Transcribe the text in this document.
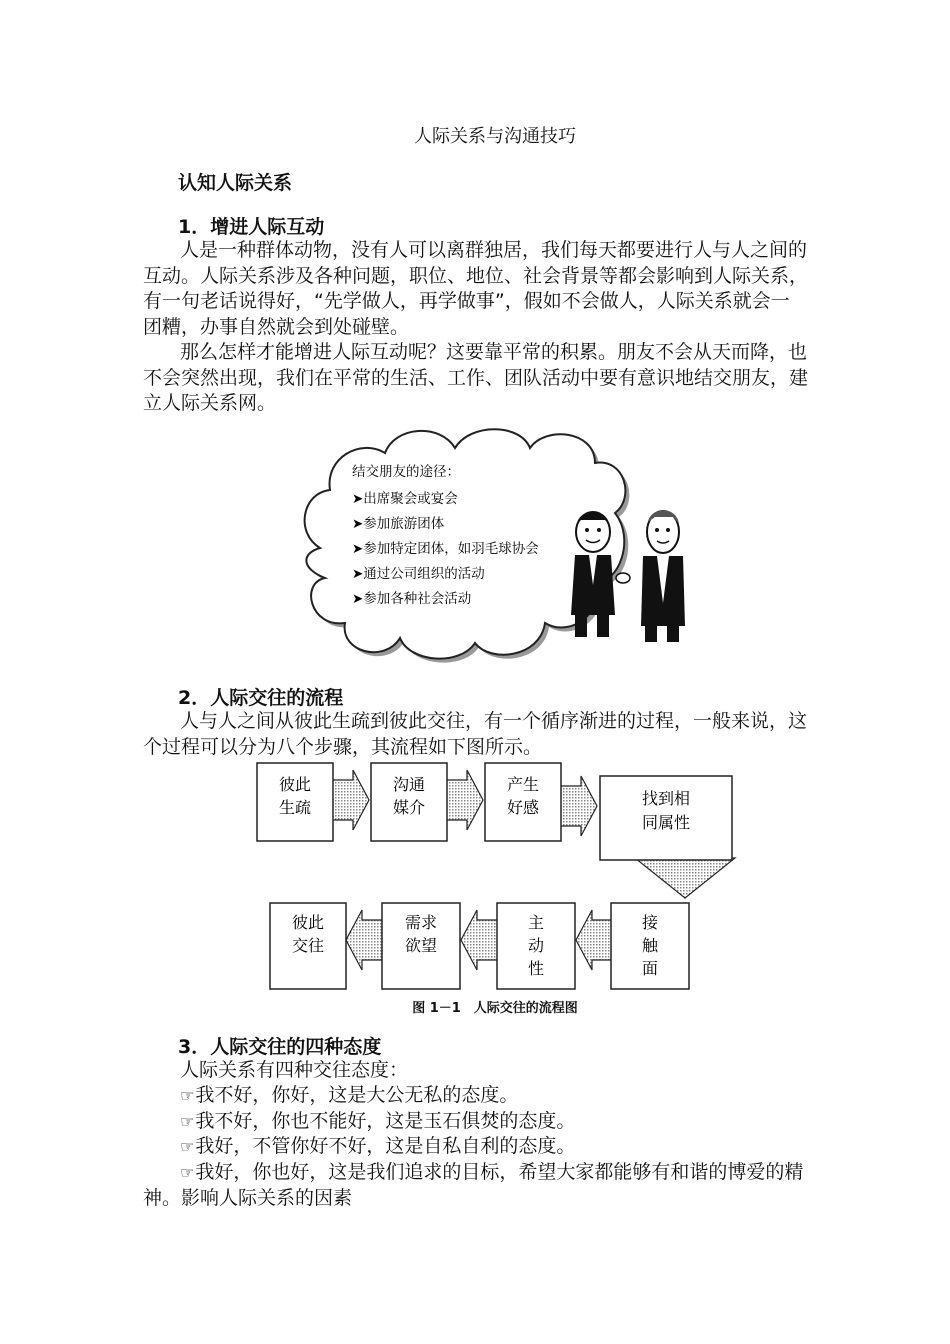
人际关系与沟通技巧
认知人际关系
1．增进人际互动
人是一种群体动物，没有人可以离群独居，我们每天都要进行人与人之间的互动。人际关系涉及各种问题，职位、地位、社会背景等都会影响到人际关系，有一句老话说得好，“先学做人，再学做事”，假如不会做人，人际关系就会一团糟，办事自然就会到处碰壁。
那么怎样才能增进人际互动呢？这要靠平常的积累。朋友不会从天而降，也不会突然出现，我们在平常的生活、工作、团队活动中要有意识地结交朋友，建立人际关系网。
结交朋友的途径：
➤出席聚会或宴会
➤参加旅游团体
➤参加特定团体，如羽毛球协会
➤通过公司组织的活动
➤参加各种社会活动
2．人际交往的流程
人与人之间从彼此生疏到彼此交往，有一个循序渐进的过程，一般来说，这个过程可以分为八个步骤，其流程如下图所示。
彼此
生疏
沟通
媒介
产生
好感	找到相
同属性
接
触
面
主
动
性
需求
欲望
彼此
交往
图 1－1　人际交往的流程图
3．人际交往的四种态度
人际关系有四种交往态度：
☞我不好，你好，这是大公无私的态度。
☞我不好，你也不能好，这是玉石俱焚的态度。
☞我好，不管你好不好，这是自私自利的态度。
☞我好，你也好，这是我们追求的目标，希望大家都能够有和谐的博爱的精神。影响人际关系的因素
